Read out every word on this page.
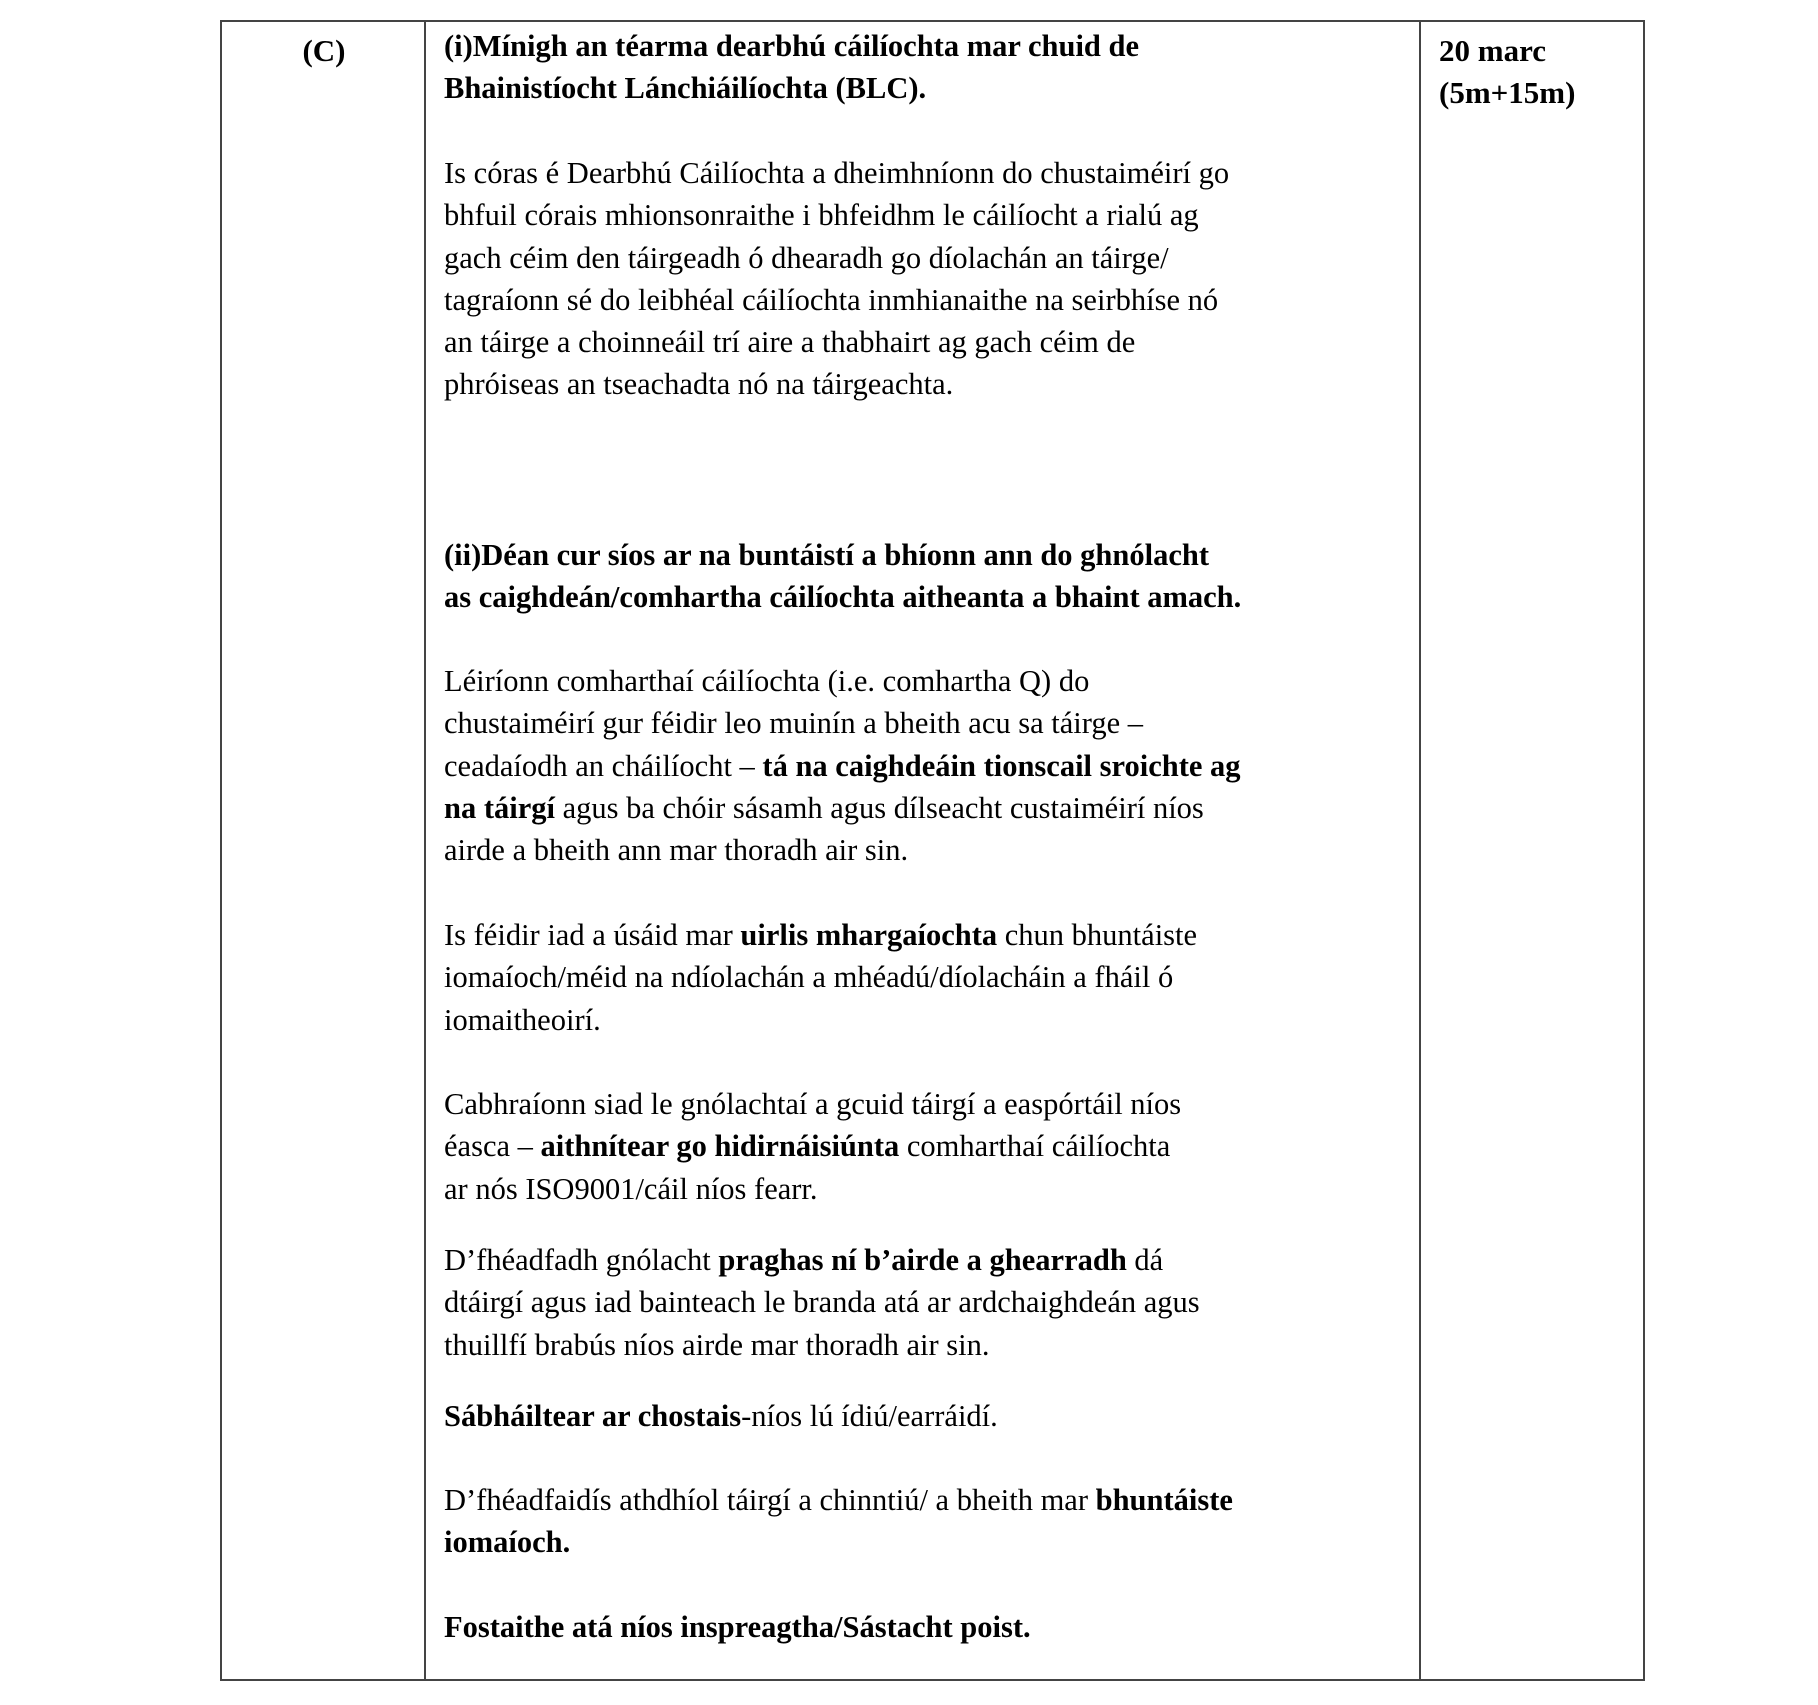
(C)	(i)Mínigh an téarma dearbhú cáilíochta mar chuid de
Bhainistíocht Lánchiáilíochta (BLC).
Is córas é Dearbhú Cáilíochta a dheimhníonn do chustaiméirí go
bhfuil córais mhionsonraithe i bhfeidhm le cáilíocht a rialú ag
gach céim den táirgeadh ó dhearadh go díolachán an táirge/
tagraíonn sé do leibhéal cáilíochta inmhianaithe na seirbhíse nó
an táirge a choinneáil trí aire a thabhairt ag gach céim de
phróiseas an tseachadta nó na táirgeachta.
(ii)Déan cur síos ar na buntáistí a bhíonn ann do ghnólacht
as caighdeán/comhartha cáilíochta aitheanta a bhaint amach.
Léiríonn comharthaí cáilíochta (i.e. comhartha Q) do
chustaiméirí gur féidir leo muinín a bheith acu sa táirge –
ceadaíodh an cháilíocht – tá na caighdeáin tionscail sroichte ag
na táirgí agus ba chóir sásamh agus dílseacht custaiméirí níos
airde a bheith ann mar thoradh air sin.
Is féidir iad a úsáid mar uirlis mhargaíochta chun bhuntáiste
iomaíoch/méid na ndíolachán a mhéadú/díolacháin a fháil ó
iomaitheoirí.
Cabhraíonn siad le gnólachtaí a gcuid táirgí a easpórtáil níos
éasca – aithnítear go hidirnáisiúnta comharthaí cáilíochta
ar nós ISO9001/cáil níos fearr.
D’fhéadfadh gnólacht praghas ní b’airde a ghearradh dá
dtáirgí agus iad bainteach le branda atá ar ardchaighdeán agus
thuillfí brabús níos airde mar thoradh air sin.
Sábháiltear ar chostais-níos lú ídiú/earráidí.
D’fhéadfaidís athdhíol táirgí a chinntiú/ a bheith mar bhuntáiste
iomaíoch.
Fostaithe atá níos inspreagtha/Sástacht poist.
20 marc
(5m+15m)
